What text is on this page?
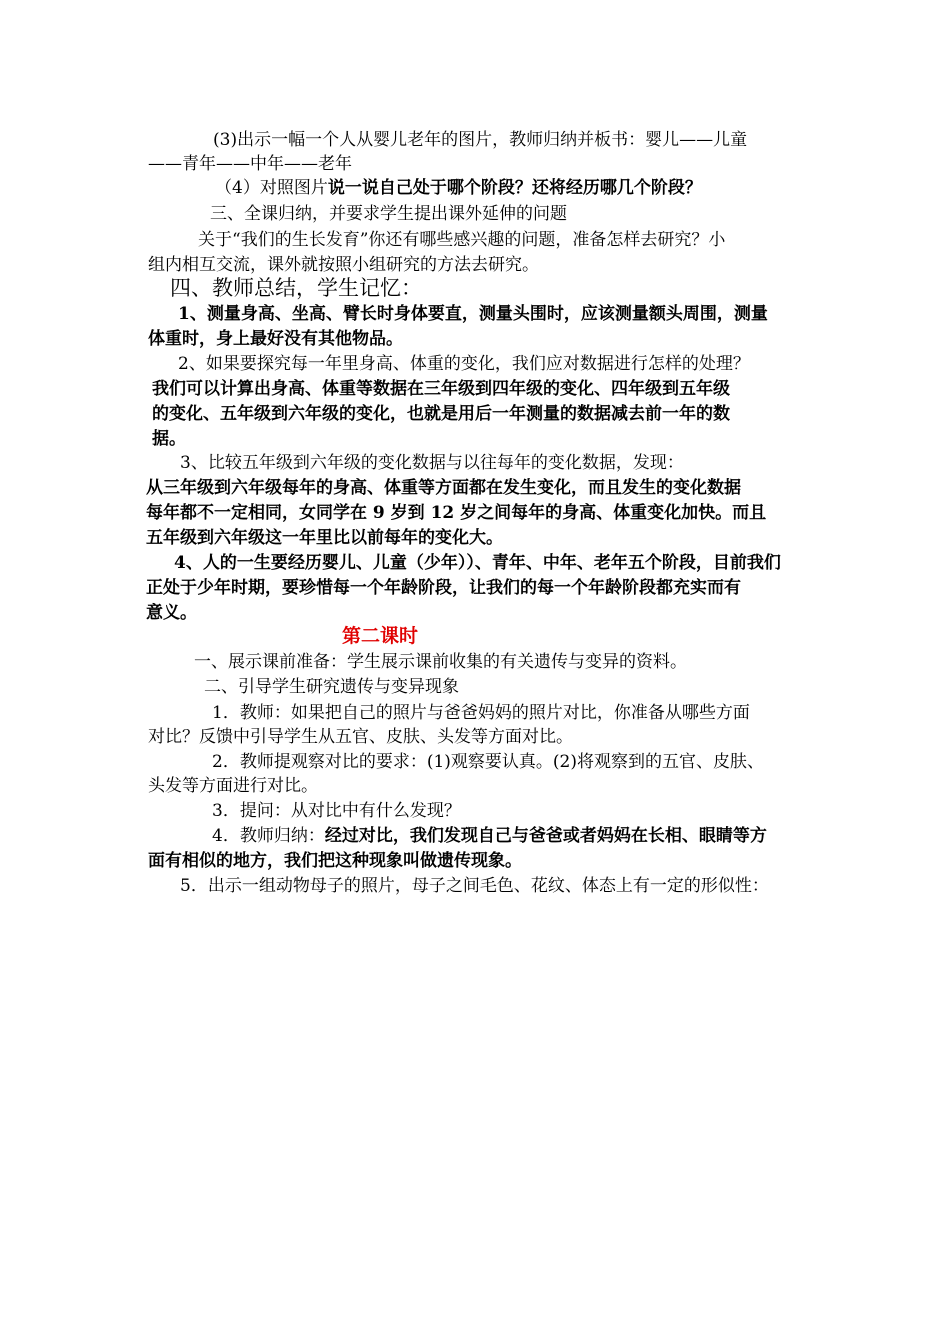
(3)出示一幅一个人从婴儿老年的图片，教师归纳并板书：婴儿——儿童
——青年——中年——老年
（4）对照图片说一说自己处于哪个阶段？还将经历哪几个阶段？
三、全课归纳，并要求学生提出课外延伸的问题
关于“我们的生长发育”你还有哪些感兴趣的问题，准备怎样去研究？小
组内相互交流，课外就按照小组研究的方法去研究。
四、教师总结，学生记忆：
1、测量身高、坐高、臂长时身体要直，测量头围时，应该测量额头周围，测量
体重时，身上最好没有其他物品。
2、如果要探究每一年里身高、体重的变化，我们应对数据进行怎样的处理？
我们可以计算出身高、体重等数据在三年级到四年级的变化、四年级到五年级
的变化、五年级到六年级的变化，也就是用后一年测量的数据减去前一年的数
据。
3、比较五年级到六年级的变化数据与以往每年的变化数据，发现：
从三年级到六年级每年的身高、体重等方面都在发生变化，而且发生的变化数据
每年都不一定相同，女同学在 9 岁到 12 岁之间每年的身高、体重变化加快。而且
五年级到六年级这一年里比以前每年的变化大。
4、人的一生要经历婴儿、儿童（少年））、青年、中年、老年五个阶段，目前我们
正处于少年时期，要珍惜每一个年龄阶段，让我们的每一个年龄阶段都充实而有
意义。
第二课时
一、展示课前准备：学生展示课前收集的有关遗传与变异的资料。
二、引导学生研究遗传与变异现象
1．教师：如果把自己的照片与爸爸妈妈的照片对比，你准备从哪些方面
对比？反馈中引导学生从五官、皮肤、头发等方面对比。
2．教师提观察对比的要求：(1)观察要认真。(2)将观察到的五官、皮肤、
头发等方面进行对比。
3．提问：从对比中有什么发现？
4．教师归纳：经过对比，我们发现自己与爸爸或者妈妈在长相、眼睛等方
面有相似的地方，我们把这种现象叫做遗传现象。
5．出示一组动物母子的照片，母子之间毛色、花纹、体态上有一定的形似性：
